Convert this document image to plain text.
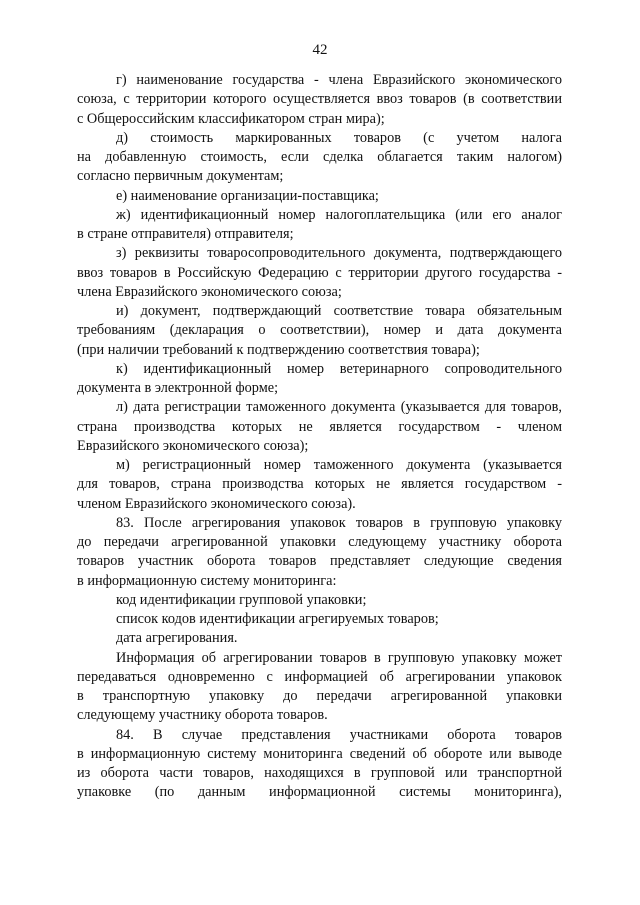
42
г) наименование государства - члена Евразийского экономического
союза, с территории которого осуществляется ввоз товаров (в соответствии
с Общероссийским классификатором стран мира);
д) стоимость маркированных товаров (с учетом налога
на добавленную стоимость, если сделка облагается таким налогом)
согласно первичным документам;
е) наименование организации-поставщика;
ж) идентификационный номер налогоплательщика (или его аналог
в стране отправителя) отправителя;
з) реквизиты товаросопроводительного документа, подтверждающего
ввоз товаров в Российскую Федерацию с территории другого государства -
члена Евразийского экономического союза;
и) документ, подтверждающий соответствие товара обязательным
требованиям (декларация о соответствии), номер и дата документа
(при наличии требований к подтверждению соответствия товара);
к) идентификационный номер ветеринарного сопроводительного
документа в электронной форме;
л) дата регистрации таможенного документа (указывается для товаров,
страна производства которых не является государством - членом
Евразийского экономического союза);
м) регистрационный номер таможенного документа (указывается
для товаров, страна производства которых не является государством -
членом Евразийского экономического союза).
83. После агрегирования упаковок товаров в групповую упаковку
до передачи агрегированной упаковки следующему участнику оборота
товаров участник оборота товаров представляет следующие сведения
в информационную систему мониторинга:
код идентификации групповой упаковки;
список кодов идентификации агрегируемых товаров;
дата агрегирования.
Информация об агрегировании товаров в групповую упаковку может
передаваться одновременно с информацией об агрегировании упаковок
в транспортную упаковку до передачи агрегированной упаковки
следующему участнику оборота товаров.
84. В случае представления участниками оборота товаров
в информационную систему мониторинга сведений об обороте или выводе
из оборота части товаров, находящихся в групповой или транспортной
упаковке (по данным информационной системы мониторинга),
